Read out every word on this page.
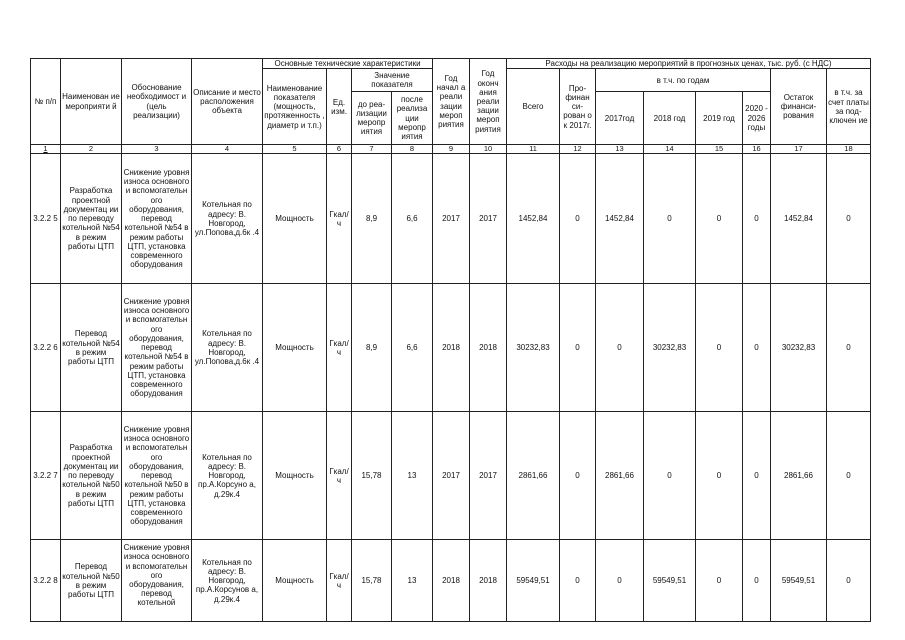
№ п/п	Наименован ие мероприяти й	Обоснование необходимост и (цель реализации)	Описание и место расположения объекта	Основные технические характеристики				Год начал а реали зации мероп риятия	Год оконч ания реали зации мероп риятия	Расходы на реализацию мероприятий в прогнозных ценах, тыс. руб. (с НДС)							
				Наименование показателя (мощность, протяженность , диаметр и т.п.)	Ед. изм.	Значение показателя				Всего	Про- финан си- рован о к 2017г.	в т.ч. по годам				Остаток финанси- рования	в т.ч. за счет платы за под- ключен ие
						до реа- лизации меропр иятия	после реализа ции меропр иятия					2017год	2018 год	2019 год	2020 - 2026 годы		
1	2	3	4	5	6	7	8	9	10	11	12	13	14	15	16	17	18
3.2.2 5	Разработка проектной документац ии по переводу котельной №54 в режим работы ЦТП	Снижение уровня износа основного и вспомогательн ого оборудования, перевод котельной №54 в режим работы ЦТП, установка современного оборудования	Котельная по адресу: В. Новгород, ул.Попова,д.6к .4	Мощность	Гкал/ ч	8,9	6,6	2017	2017	1452,84	0	1452,84	0	0	0	1452,84	0
3.2.2 6	Перевод котельной №54 в режим работы ЦТП	Снижение уровня износа основного и вспомогательн ого оборудования, перевод котельной №54 в режим работы ЦТП, установка современного оборудования	Котельная по адресу: В. Новгород, ул.Попова,д.6к .4	Мощность	Гкал/ ч	8,9	6,6	2018	2018	30232,83	0	0	30232,83	0	0	30232,83	0
3.2.2 7	Разработка проектной документац ии по переводу котельной №50 в режим работы ЦТП	Снижение уровня износа основного и вспомогательн ого оборудования, перевод котельной №50 в режим работы ЦТП, установка современного оборудования	Котельная по адресу: В. Новгород, пр.А.Корсуно а, д.29к.4	Мощность	Гкал/ ч	15,78	13	2017	2017	2861,66	0	2861,66	0	0	0	2861,66	0
3.2.2 8	Перевод котельной №50 в режим работы ЦТП	Снижение уровня износа основного и вспомогательн ого оборудования, перевод котельной	Котельная по адресу: В. Новгород, пр.А.Корсунов а, д.29к.4	Мощность	Гкал/ ч	15,78	13	2018	2018	59549,51	0	0	59549,51	0	0	59549,51	0
